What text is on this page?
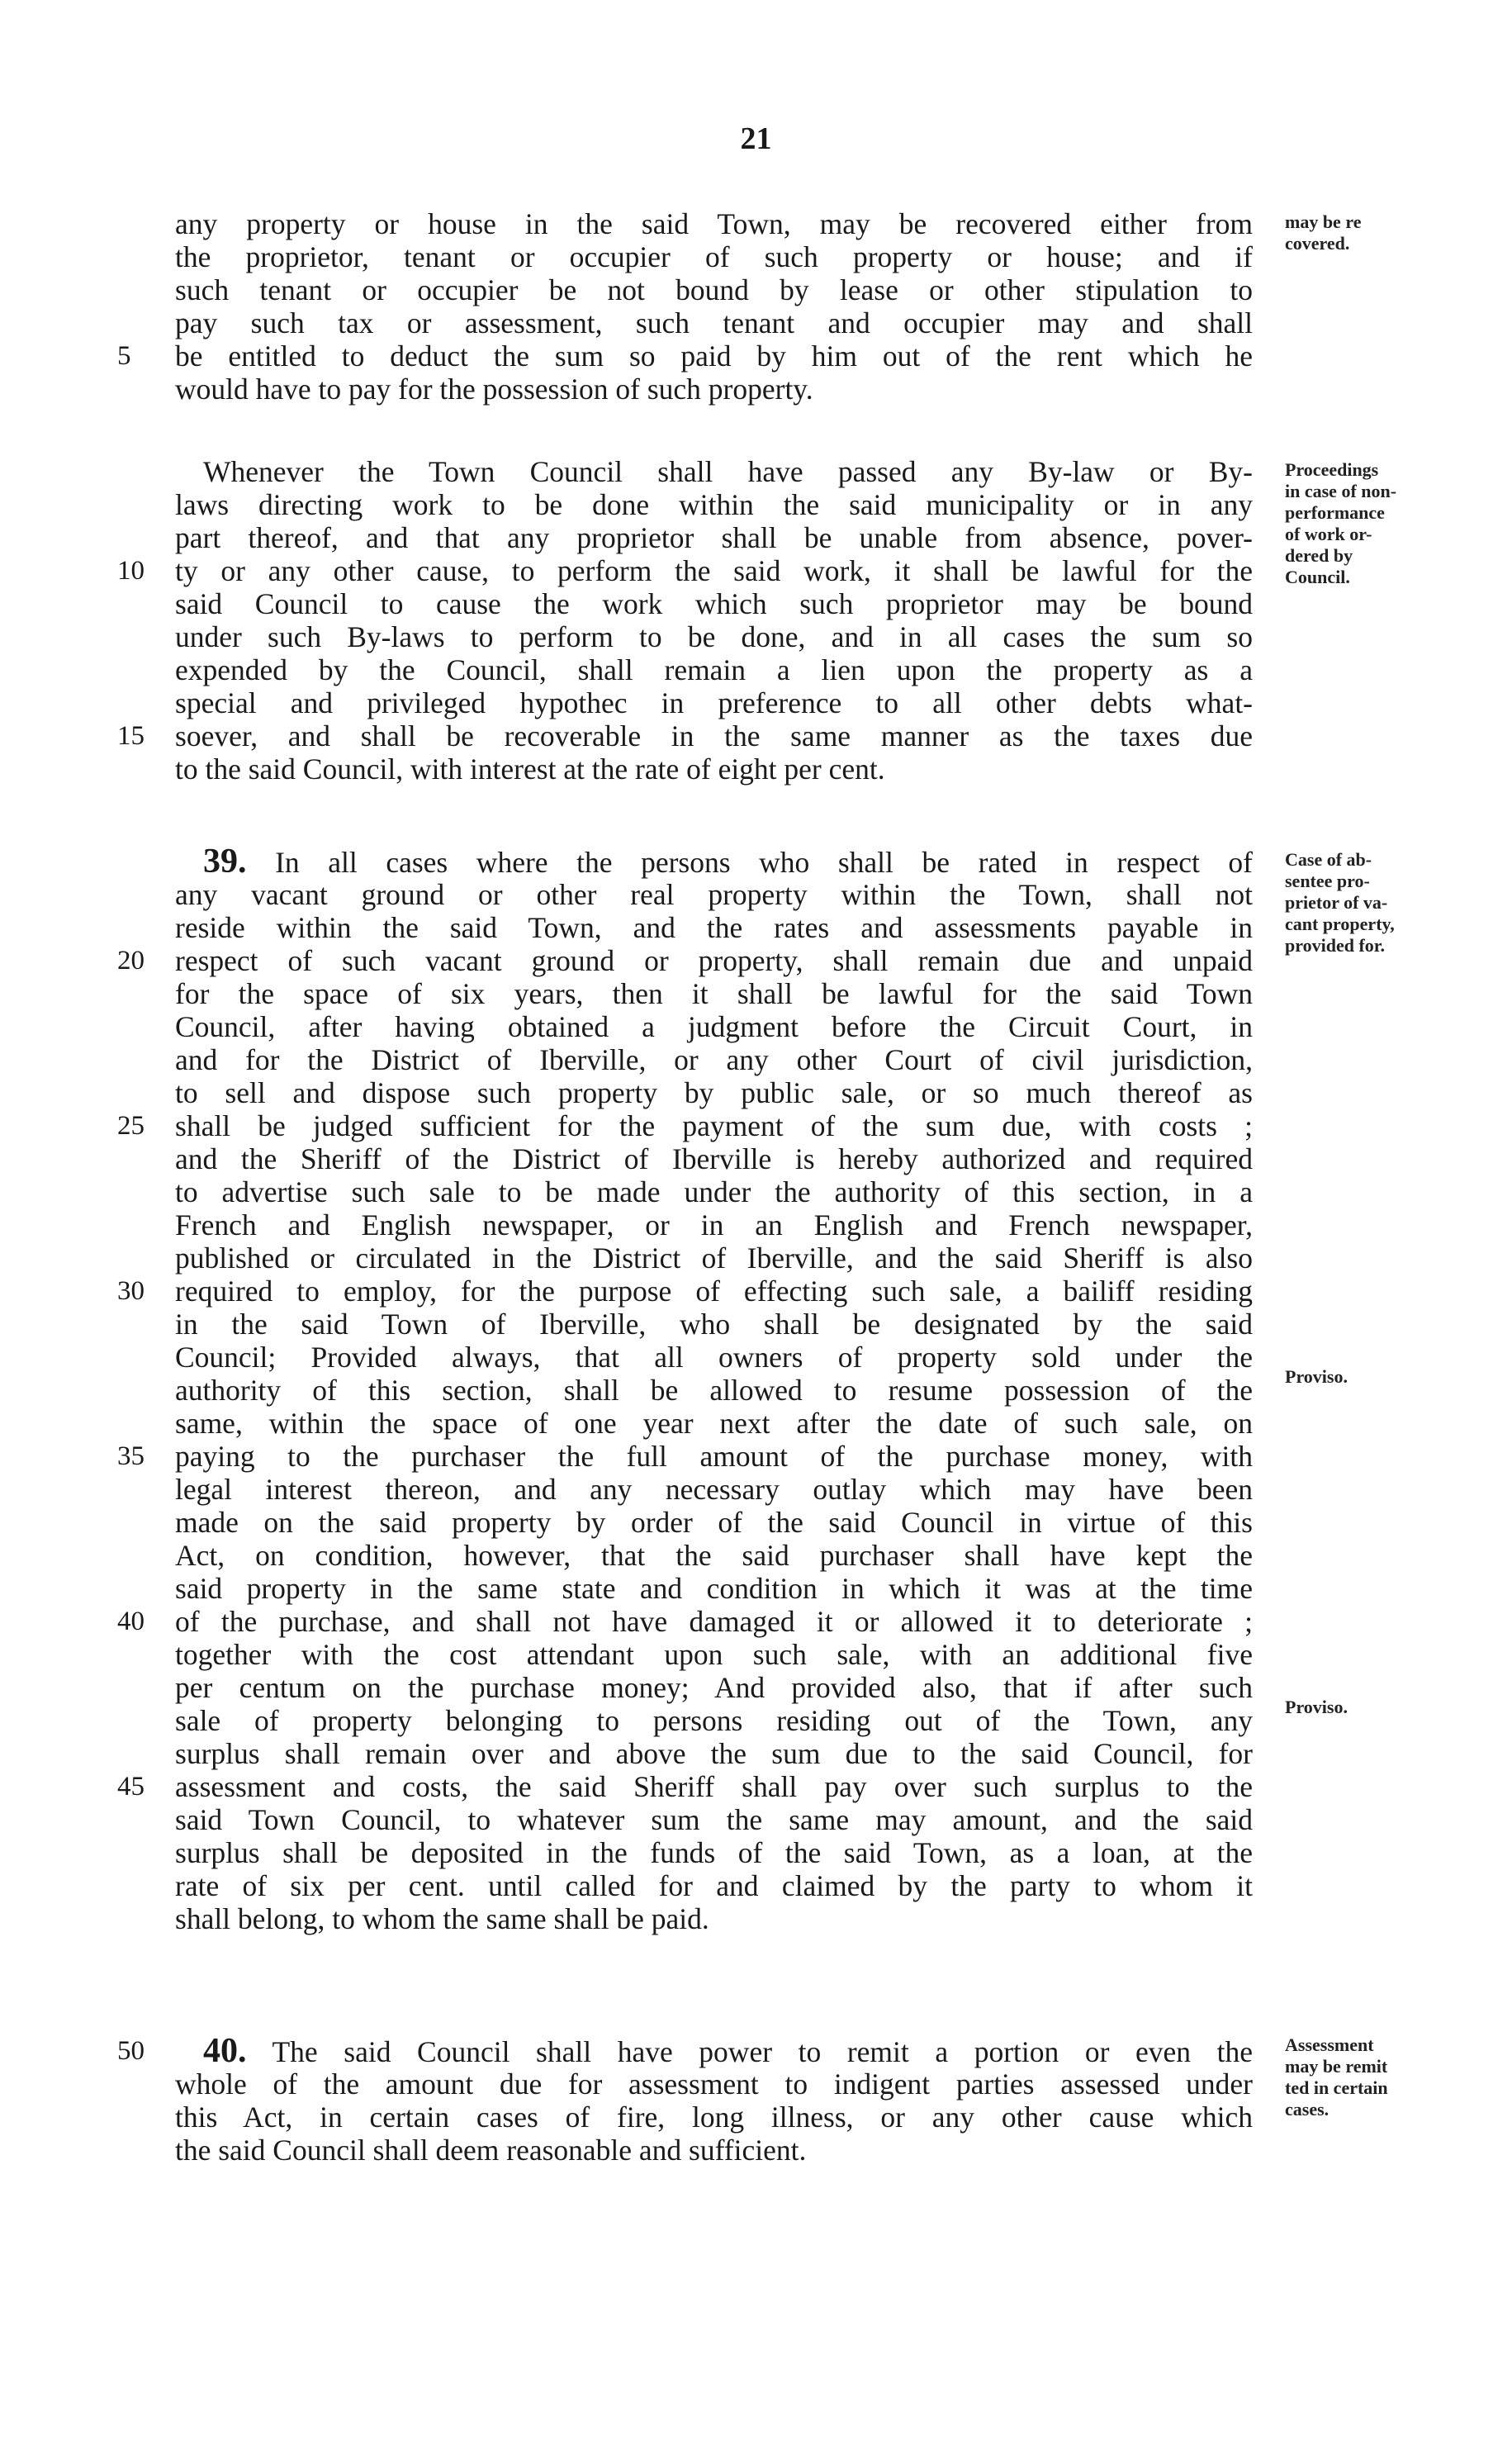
21
any property or house in the said Town, may be recovered either from
the proprietor, tenant or occupier of such property or house; and if
such tenant or occupier be not bound by lease or other stipulation to
pay such tax or assessment, such tenant and occupier may and shall
5	be entitled to deduct the sum so paid by him out of the rent which he
would have to pay for the possession of such property.
Whenever the Town Council shall have passed any By-law or By-
laws directing work to be done within the said municipality or in any
part thereof, and that any proprietor shall be unable from absence, pover-
10	ty or any other cause, to perform the said work, it shall be lawful for the
said Council to cause the work which such proprietor may be bound
under such By-laws to perform to be done, and in all cases the sum so
expended by the Council, shall remain a lien upon the property as a
special and privileged hypothec in preference to all other debts what-
15	soever, and shall be recoverable in the same manner as the taxes due
to the said Council, with interest at the rate of eight per cent.
39. In all cases where the persons who shall be rated in respect of
any vacant ground or other real property within the Town, shall not
reside within the said Town, and the rates and assessments payable in
20	respect of such vacant ground or property, shall remain due and unpaid
for the space of six years, then it shall be lawful for the said Town
Council, after having obtained a judgment before the Circuit Court, in
and for the District of Iberville, or any other Court of civil jurisdiction,
to sell and dispose such property by public sale, or so much thereof as
25	shall be judged sufficient for the payment of the sum due, with costs ;
and the Sheriff of the District of Iberville is hereby authorized and required
to advertise such sale to be made under the authority of this section, in a
French and English newspaper, or in an English and French newspaper,
published or circulated in the District of Iberville, and the said Sheriff is also
30	required to employ, for the purpose of effecting such sale, a bailiff residing
in the said Town of Iberville, who shall be designated by the said
Council; Provided always, that all owners of property sold under the
authority of this section, shall be allowed to resume possession of the
same, within the space of one year next after the date of such sale, on
35	paying to the purchaser the full amount of the purchase money, with
legal interest thereon, and any necessary outlay which may have been
made on the said property by order of the said Council in virtue of this
Act, on condition, however, that the said purchaser shall have kept the
said property in the same state and condition in which it was at the time
40	of the purchase, and shall not have damaged it or allowed it to deteriorate ;
together with the cost attendant upon such sale, with an additional five
per centum on the purchase money; And provided also, that if after such
sale of property belonging to persons residing out of the Town, any
surplus shall remain over and above the sum due to the said Council, for
45	assessment and costs, the said Sheriff shall pay over such surplus to the
said Town Council, to whatever sum the same may amount, and the said
surplus shall be deposited in the funds of the said Town, as a loan, at the
rate of six per cent. until called for and claimed by the party to whom it
shall belong, to whom the same shall be paid.
50	40. The said Council shall have power to remit a portion or even the
whole of the amount due for assessment to indigent parties assessed under
this Act, in certain cases of fire, long illness, or any other cause which
the said Council shall deem reasonable and sufficient.
may be re
covered.
Proceedings
in case of non-
performance
of work or-
dered by
Council.
Case of ab-
sentee pro-
prietor of va-
cant property,
provided for.
Proviso.
Proviso.
Assessment
may be remit
ted in certain
cases.
